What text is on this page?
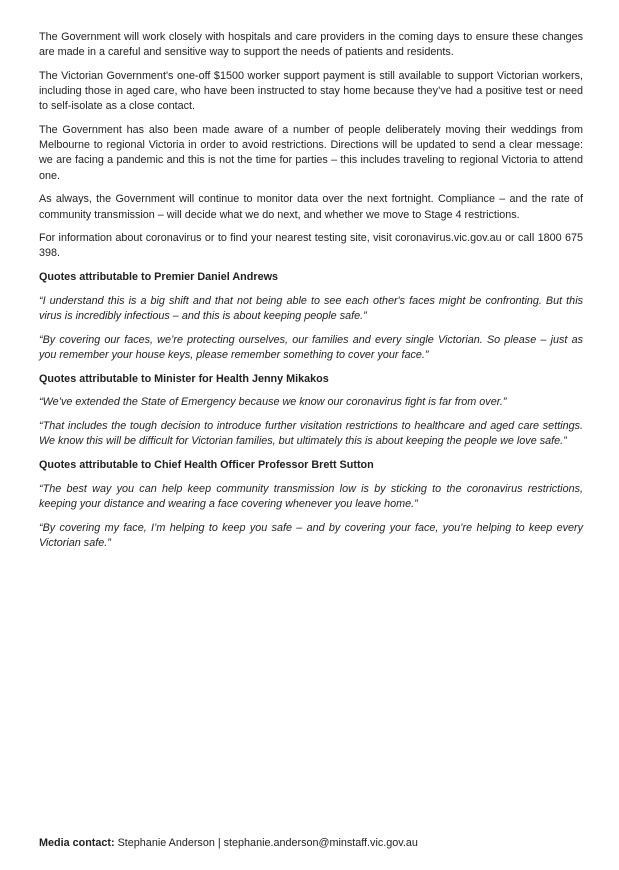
The Government will work closely with hospitals and care providers in the coming days to ensure these changes are made in a careful and sensitive way to support the needs of patients and residents.

The Victorian Government's one-off $1500 worker support payment is still available to support Victorian workers, including those in aged care, who have been instructed to stay home because they’ve had a positive test or need to self-isolate as a close contact.

The Government has also been made aware of a number of people deliberately moving their weddings from Melbourne to regional Victoria in order to avoid restrictions. Directions will be updated to send a clear message: we are facing a pandemic and this is not the time for parties – this includes traveling to regional Victoria to attend one.

As always, the Government will continue to monitor data over the next fortnight. Compliance – and the rate of community transmission – will decide what we do next, and whether we move to Stage 4 restrictions.

For information about coronavirus or to find your nearest testing site, visit coronavirus.vic.gov.au or call 1800 675 398.

Quotes attributable to Premier Daniel Andrews

“I understand this is a big shift and that not being able to see each other's faces might be confronting. But this virus is incredibly infectious – and this is about keeping people safe.”

“By covering our faces, we’re protecting ourselves, our families and every single Victorian. So please – just as you remember your house keys, please remember something to cover your face.”

Quotes attributable to Minister for Health Jenny Mikakos

“We’ve extended the State of Emergency because we know our coronavirus fight is far from over.”

“That includes the tough decision to introduce further visitation restrictions to healthcare and aged care settings. We know this will be difficult for Victorian families, but ultimately this is about keeping the people we love safe.”

Quotes attributable to Chief Health Officer Professor Brett Sutton

“The best way you can help keep community transmission low is by sticking to the coronavirus restrictions, keeping your distance and wearing a face covering whenever you leave home.”

“By covering my face, I’m helping to keep you safe – and by covering your face, you’re helping to keep every Victorian safe.”

Media contact: Stephanie Anderson | stephanie.anderson@minstaff.vic.gov.au
